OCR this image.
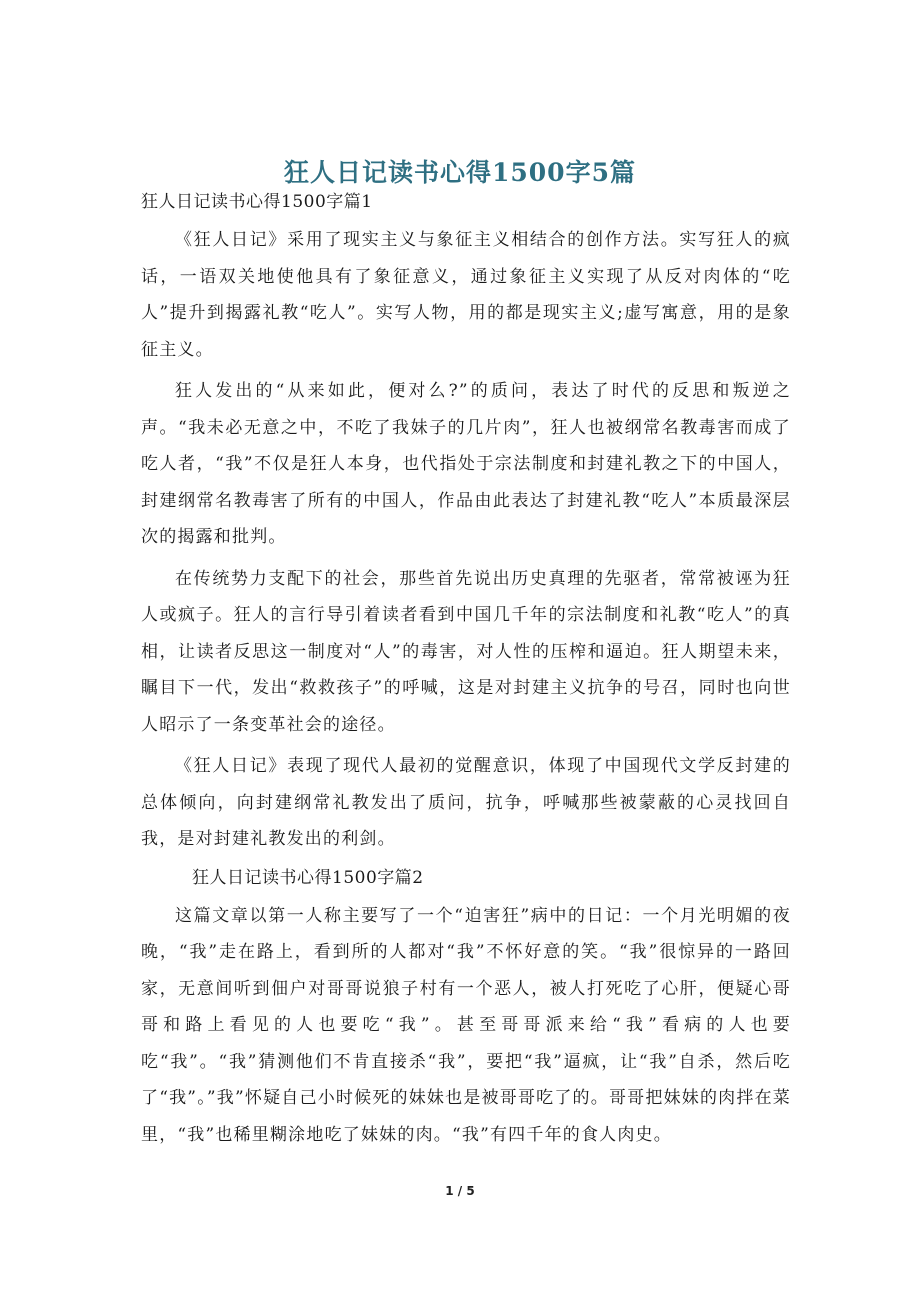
狂人日记读书心得1500字5篇

狂人日记读书心得1500字篇1

《狂人日记》采用了现实主义与象征主义相结合的创作方法。实写狂人的疯话，一语双关地使他具有了象征意义，通过象征主义实现了从反对肉体的“吃人”提升到揭露礼教“吃人”。实写人物，用的都是现实主义;虚写寓意，用的是象征主义。

狂人发出的“从来如此，便对么?”的质问，表达了时代的反思和叛逆之声。“我未必无意之中，不吃了我妹子的几片肉”，狂人也被纲常名教毒害而成了吃人者，“我”不仅是狂人本身，也代指处于宗法制度和封建礼教之下的中国人，封建纲常名教毒害了所有的中国人，作品由此表达了封建礼教“吃人”本质最深层次的揭露和批判。

在传统势力支配下的社会，那些首先说出历史真理的先驱者，常常被诬为狂人或疯子。狂人的言行导引着读者看到中国几千年的宗法制度和礼教“吃人”的真相，让读者反思这一制度对“人”的毒害，对人性的压榨和逼迫。狂人期望未来，瞩目下一代，发出“救救孩子”的呼喊，这是对封建主义抗争的号召，同时也向世人昭示了一条变革社会的途径。

《狂人日记》表现了现代人最初的觉醒意识，体现了中国现代文学反封建的总体倾向，向封建纲常礼教发出了质问，抗争，呼喊那些被蒙蔽的心灵找回自我，是对封建礼教发出的利剑。

狂人日记读书心得1500字篇2

这篇文章以第一人称主要写了一个“迫害狂”病中的日记：一个月光明媚的夜晚，“我”走在路上，看到所的人都对“我”不怀好意的笑。“我”很惊异的一路回家，无意间听到佃户对哥哥说狼子村有一个恶人，被人打死吃了心肝，便疑心哥哥和路上看见的人也要吃“我”。甚至哥哥派来给“我”看病的人也要吃“我”。“我”猜测他们不肯直接杀“我”，要把“我”逼疯，让“我”自杀，然后吃了“我”。”我”怀疑自己小时候死的妹妹也是被哥哥吃了的。哥哥把妹妹的肉拌在菜里，“我”也稀里糊涂地吃了妹妹的肉。“我”有四千年的食人肉史。

1 / 5
